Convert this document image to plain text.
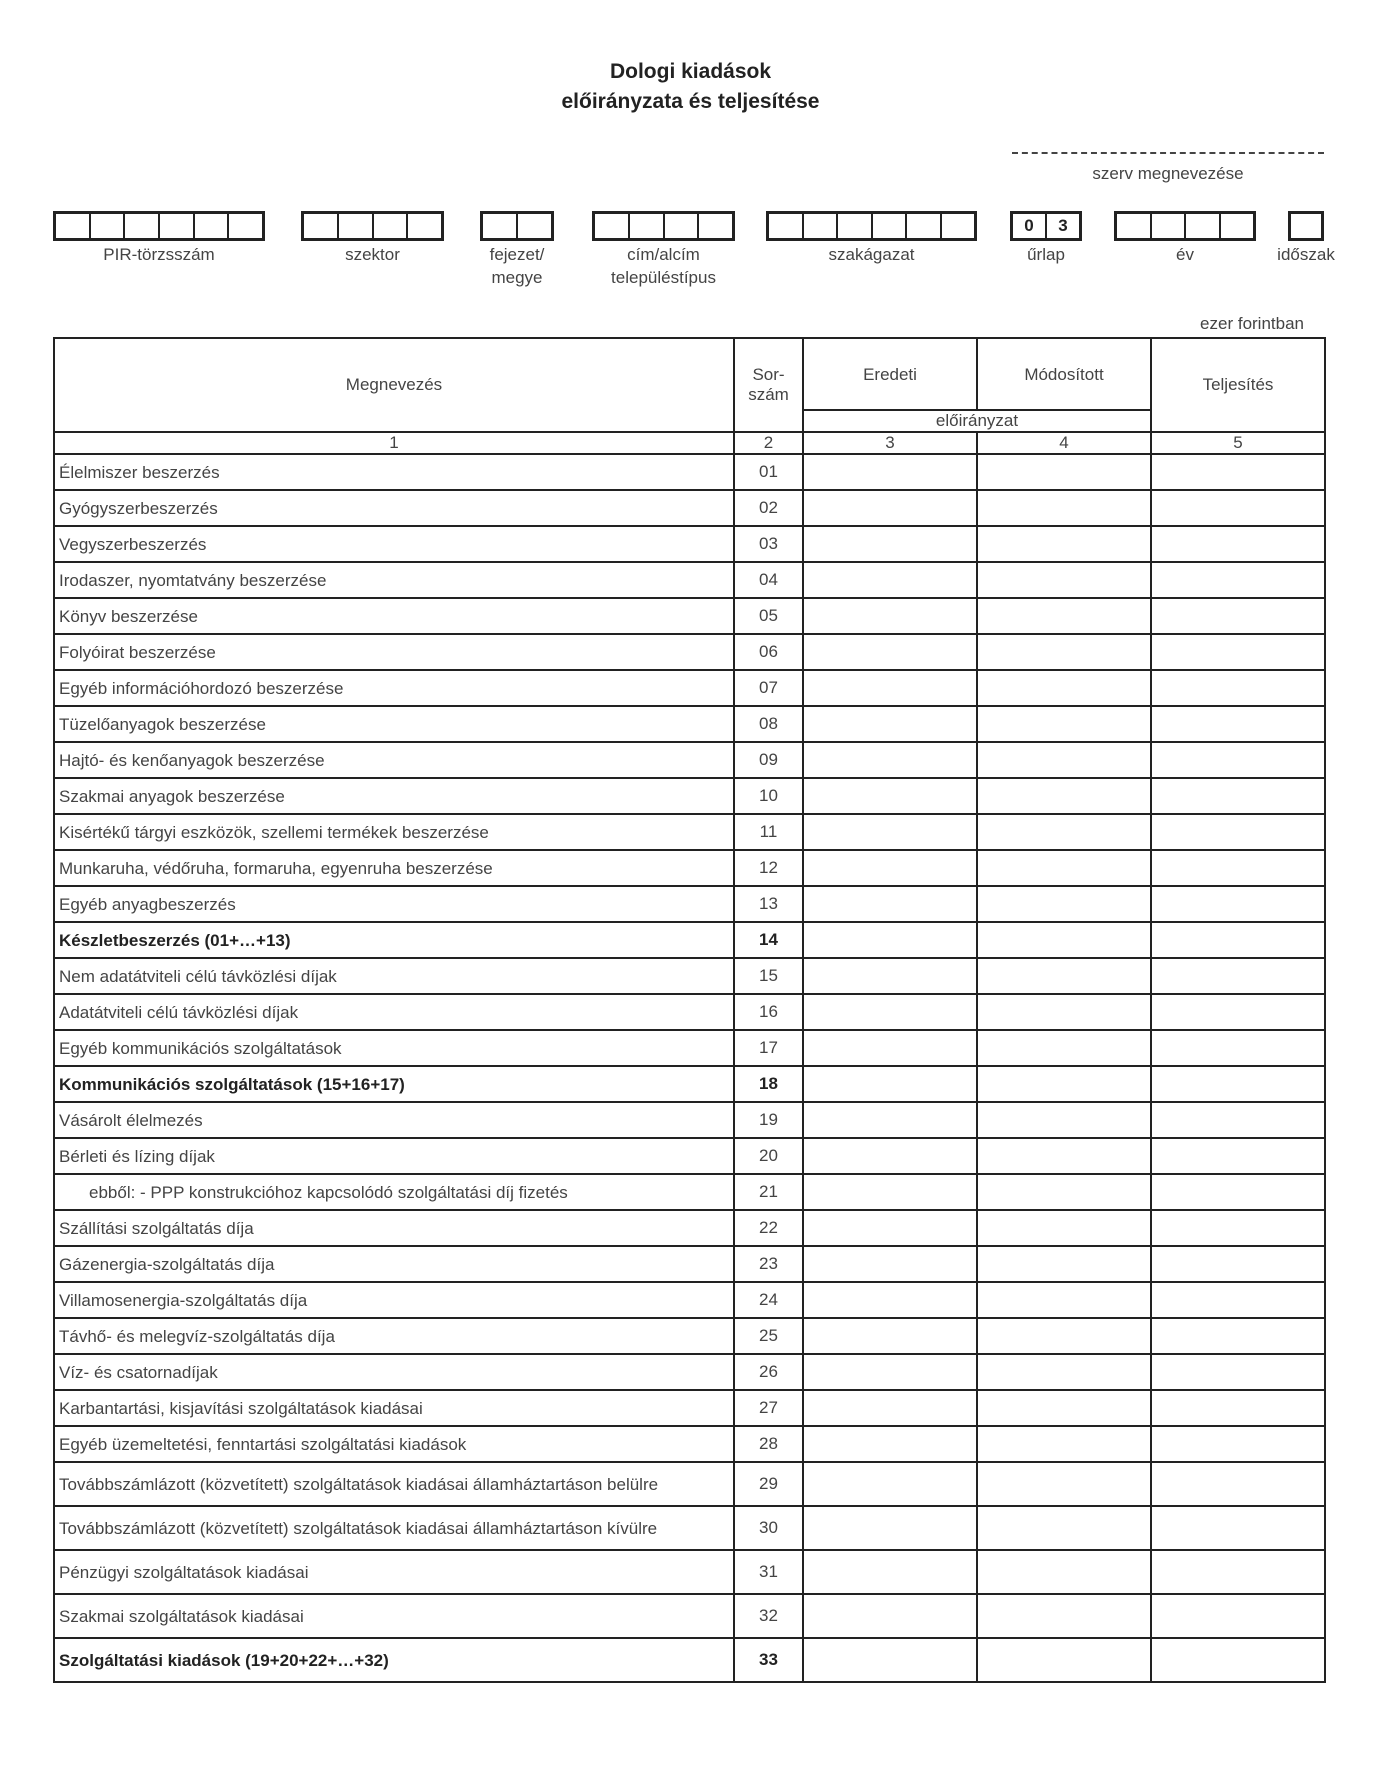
Dologi kiadások
előirányzata és teljesítése
szerv megnevezése
0	3
PIR-törzsszám	szektor	fejezet/
megye
cím/alcím
településtípus
szakágazat	űrlap	év	időszak
ezer forintban
Megnevezés	Sor-
szám	Eredeti	Módosított	Teljesítés
		előirányzat		
1	2	3	4	5
Élelmiszer beszerzés	01			
Gyógyszerbeszerzés	02			
Vegyszerbeszerzés	03			
Irodaszer, nyomtatvány beszerzése	04			
Könyv beszerzése	05			
Folyóirat beszerzése	06			
Egyéb információhordozó beszerzése	07			
Tüzelőanyagok beszerzése	08			
Hajtó- és kenőanyagok beszerzése	09			
Szakmai anyagok beszerzése	10			
Kisértékű tárgyi eszközök, szellemi termékek beszerzése	11			
Munkaruha, védőruha, formaruha, egyenruha beszerzése	12			
Egyéb anyagbeszerzés	13			
Készletbeszerzés (01+…+13)	14			
Nem adatátviteli célú távközlési díjak	15			
Adatátviteli célú távközlési díjak	16			
Egyéb kommunikációs szolgáltatások	17			
Kommunikációs szolgáltatások (15+16+17)	18			
Vásárolt élelmezés	19			
Bérleti és lízing díjak	20			
ebből: - PPP konstrukcióhoz kapcsolódó szolgáltatási díj fizetés	21			
Szállítási szolgáltatás díja	22			
Gázenergia-szolgáltatás díja	23			
Villamosenergia-szolgáltatás díja	24			
Távhő- és melegvíz-szolgáltatás díja	25			
Víz- és csatornadíjak	26			
Karbantartási, kisjavítási szolgáltatások kiadásai	27			
Egyéb üzemeltetési, fenntartási szolgáltatási kiadások	28			
Továbbszámlázott (közvetített) szolgáltatások kiadásai államháztartáson belülre	29			
Továbbszámlázott (közvetített) szolgáltatások kiadásai államháztartáson kívülre	30			
Pénzügyi szolgáltatások kiadásai	31			
Szakmai szolgáltatások kiadásai	32			
Szolgáltatási kiadások (19+20+22+…+32)	33			
